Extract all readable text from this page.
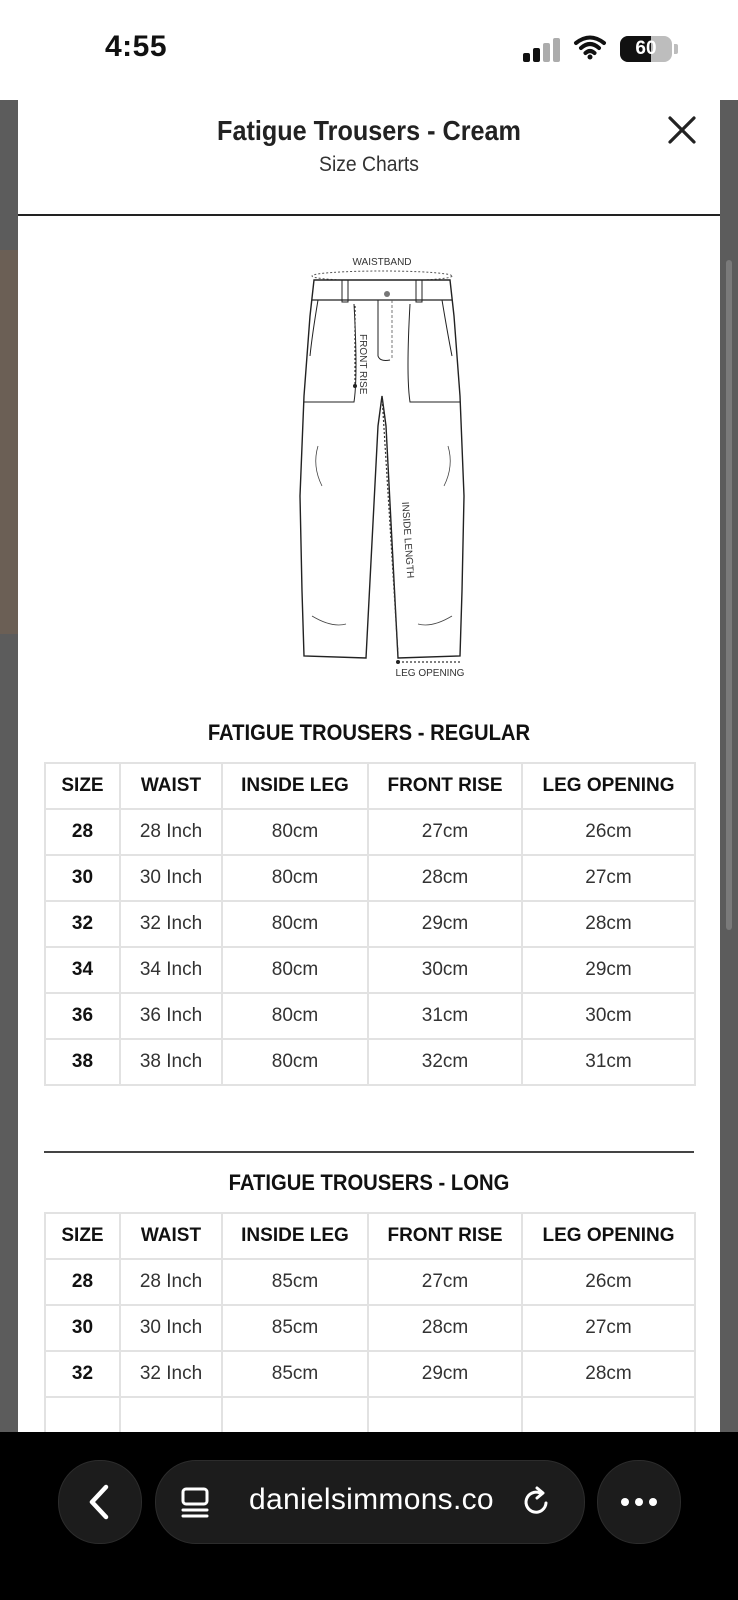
4:55	60
Fatigue Trousers - Cream
Size Charts
WAISTBAND
FRONT RISE
INSIDE LENGTH
LEG OPENING
FATIGUE TROUSERS - REGULAR
SIZE	WAIST	INSIDE LEG	FRONT RISE	LEG OPENING
28	28 Inch	80cm	27cm	26cm
30	30 Inch	80cm	28cm	27cm
32	32 Inch	80cm	29cm	28cm
34	34 Inch	80cm	30cm	29cm
36	36 Inch	80cm	31cm	30cm
38	38 Inch	80cm	32cm	31cm
FATIGUE TROUSERS - LONG
SIZE	WAIST	INSIDE LEG	FRONT RISE	LEG OPENING
28	28 Inch	85cm	27cm	26cm
30	30 Inch	85cm	28cm	27cm
32	32 Inch	85cm	29cm	28cm

danielsimmons.co
